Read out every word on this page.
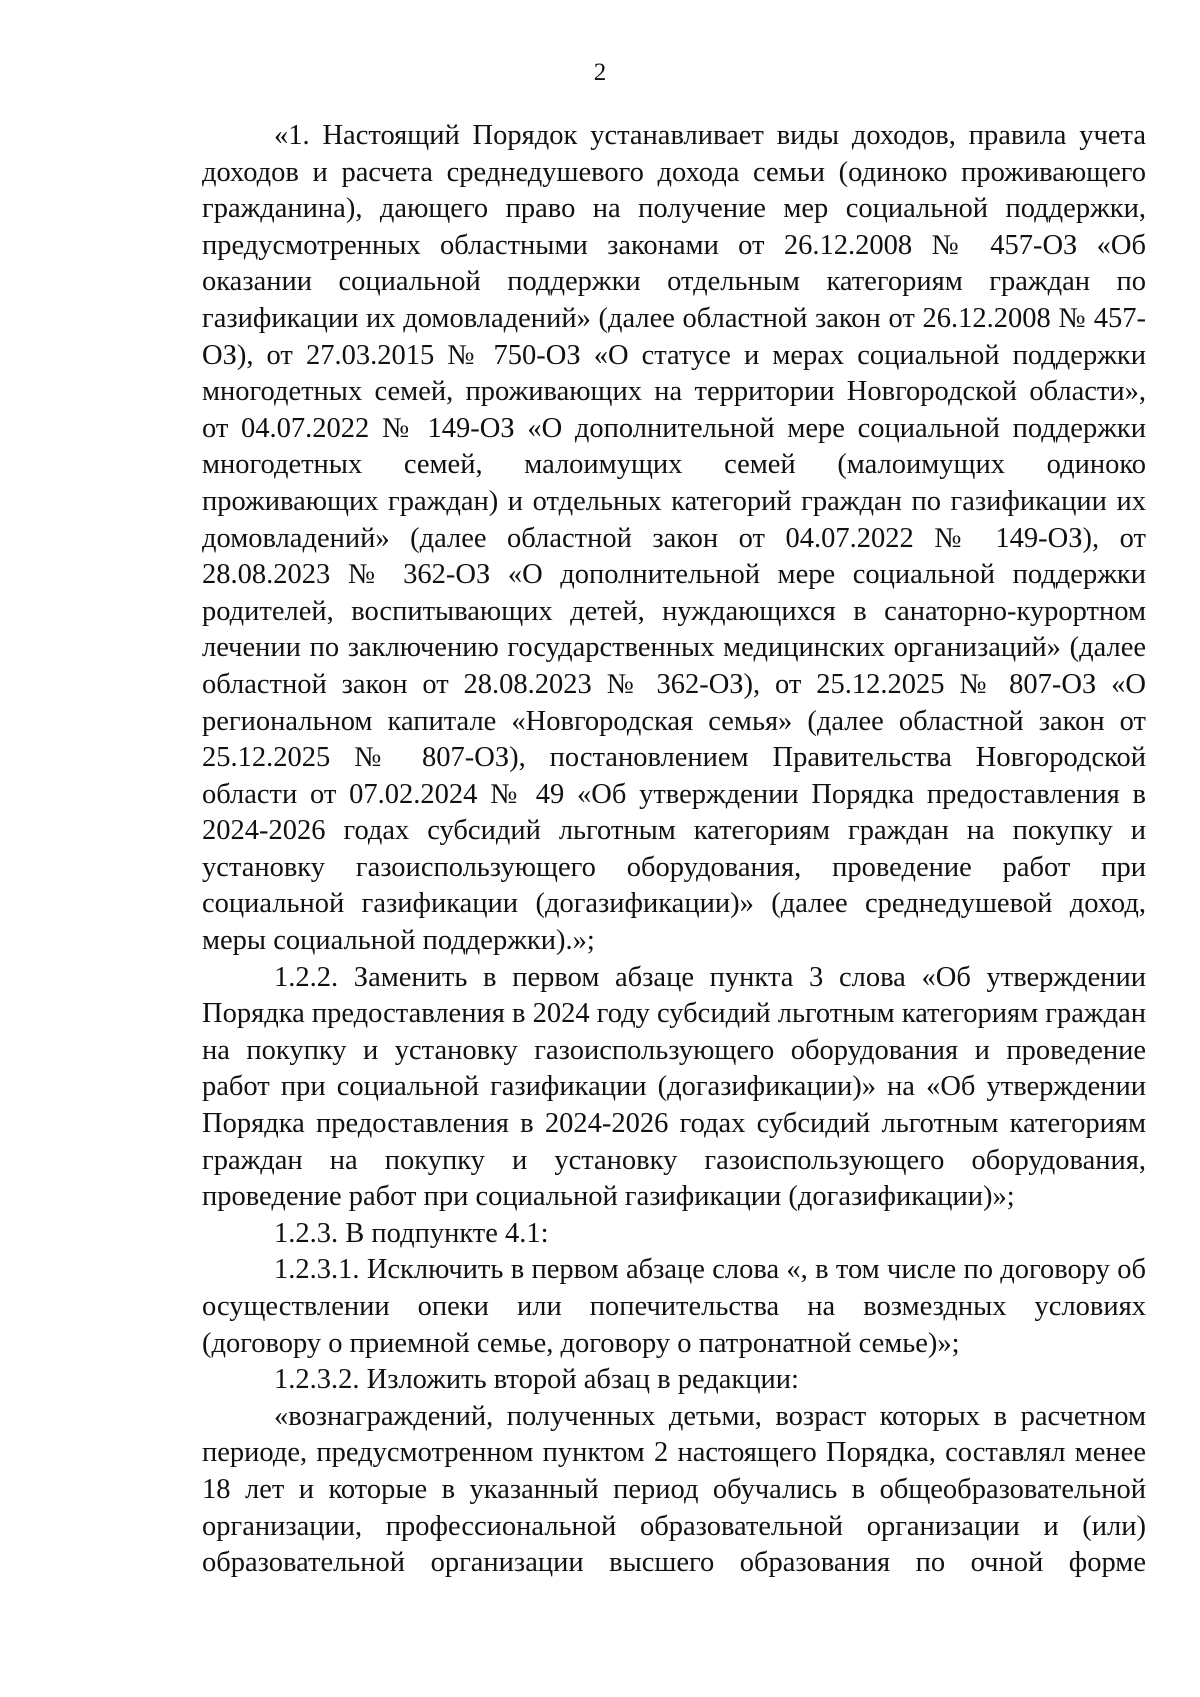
2

«1. Настоящий Порядок устанавливает виды доходов, правила учета доходов и расчета среднедушевого дохода семьи (одиноко проживающего гражданина), дающего право на получение мер социальной поддержки, предусмотренных областными законами от 26.12.2008 № 457-ОЗ «Об оказании социальной поддержки отдельным категориям граждан по газификации их домовладений» (далее областной закон от 26.12.2008 № 457-ОЗ), от 27.03.2015 № 750-ОЗ «О статусе и мерах социальной поддержки многодетных семей, проживающих на территории Новгородской области», от 04.07.2022 № 149-ОЗ «О дополнительной мере социальной поддержки многодетных семей, малоимущих семей (малоимущих одиноко проживающих граждан) и отдельных категорий граждан по газификации их домовладений» (далее областной закон от 04.07.2022 № 149-ОЗ), от 28.08.2023 № 362-ОЗ «О дополнительной мере социальной поддержки родителей, воспитывающих детей, нуждающихся в санаторно-курортном лечении по заключению государственных медицинских организаций» (далее областной закон от 28.08.2023 № 362-ОЗ), от 25.12.2025 № 807-ОЗ «О региональном капитале «Новгородская семья» (далее областной закон от 25.12.2025 № 807-ОЗ), постановлением Правительства Новгородской области от 07.02.2024 № 49 «Об утверждении Порядка предоставления в 2024-2026 годах субсидий льготным категориям граждан на покупку и установку газоиспользующего оборудования, проведение работ при социальной газификации (догазификации)» (далее среднедушевой доход, меры социальной поддержки).»;

1.2.2. Заменить в первом абзаце пункта 3 слова «Об утверждении Порядка предоставления в 2024 году субсидий льготным категориям граждан на покупку и установку газоиспользующего оборудования и проведение работ при социальной газификации (догазификации)» на «Об утверждении Порядка предоставления в 2024-2026 годах субсидий льготным категориям граждан на покупку и установку газоиспользующего оборудования, проведение работ при социальной газификации (догазификации)»;

1.2.3. В подпункте 4.1:

1.2.3.1. Исключить в первом абзаце слова «, в том числе по договору об осуществлении опеки или попечительства на возмездных условиях (договору о приемной семье, договору о патронатной семье)»;

1.2.3.2. Изложить второй абзац в редакции:

«вознаграждений, полученных детьми, возраст которых в расчетном периоде, предусмотренном пунктом 2 настоящего Порядка, составлял менее 18 лет и которые в указанный период обучались в общеобразовательной организации, профессиональной образовательной организации и (или) образовательной организации высшего образования по очной форме
